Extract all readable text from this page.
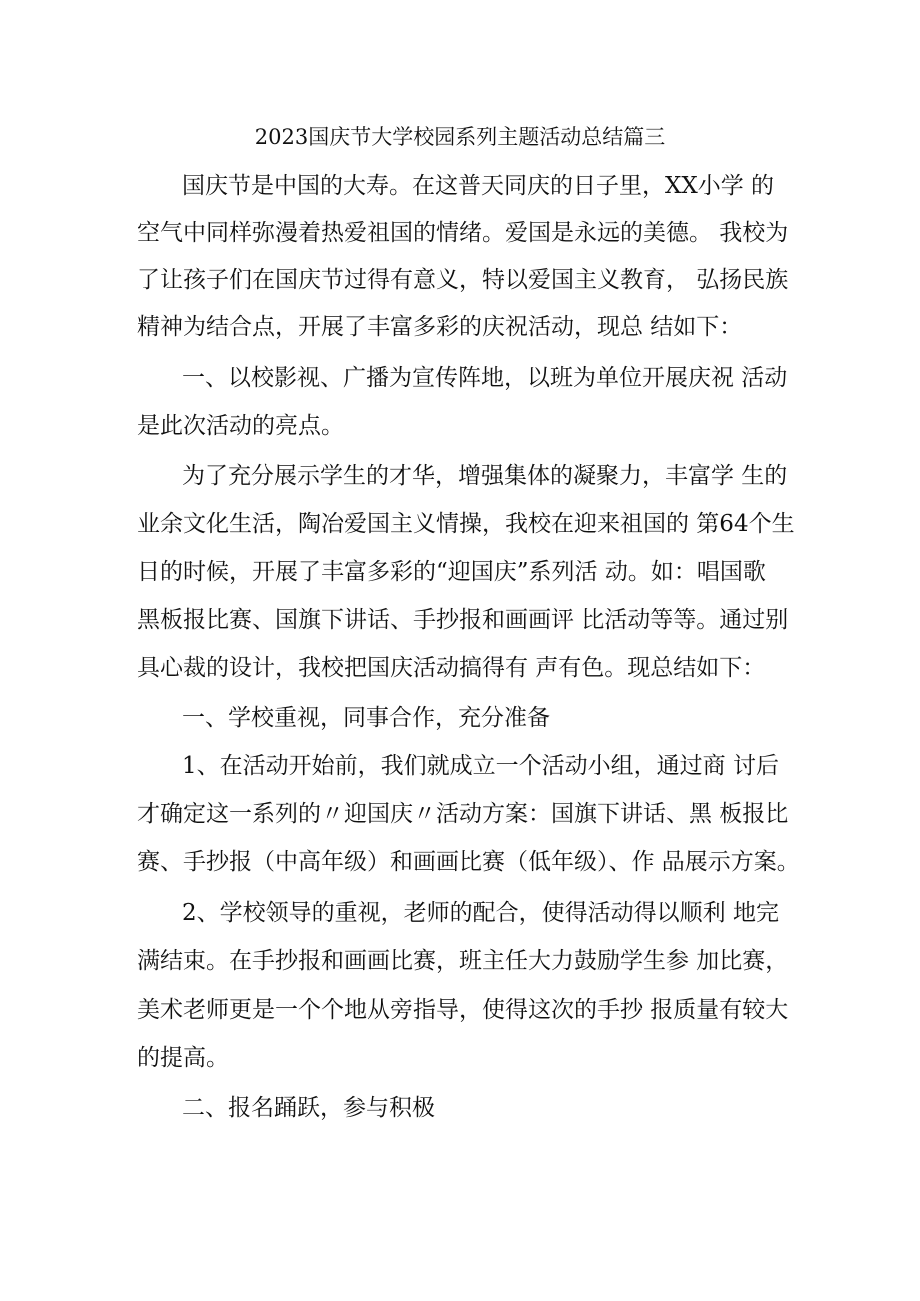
2023国庆节大学校园系列主题活动总结篇三
国庆节是中国的大寿。在这普天同庆的日子里，XX小学 的
空气中同样弥漫着热爱祖国的情绪。爱国是永远的美德。 我校为
了让孩子们在国庆节过得有意义，特以爱国主义教育， 弘扬民族
精神为结合点，开展了丰富多彩的庆祝活动，现总 结如下：
一、以校影视、广播为宣传阵地，以班为单位开展庆祝 活动
是此次活动的亮点。
为了充分展示学生的才华，增强集体的凝聚力，丰富学 生的
业余文化生活，陶冶爱国主义情操，我校在迎来祖国的 第64个生
日的时候，开展了丰富多彩的“迎国庆”系列活 动。如：唱国歌
黑板报比赛、国旗下讲话、手抄报和画画评 比活动等等。通过别
具心裁的设计，我校把国庆活动搞得有 声有色。现总结如下：
一、学校重视，同事合作，充分准备
1、在活动开始前，我们就成立一个活动小组，通过商 讨后
才确定这一系列的〃迎国庆〃活动方案：国旗下讲话、黑 板报比
赛、手抄报（中高年级）和画画比赛（低年级）、作 品展示方案。
2、学校领导的重视，老师的配合，使得活动得以顺利 地完
满结束。在手抄报和画画比赛，班主任大力鼓励学生参 加比赛，
美术老师更是一个个地从旁指导，使得这次的手抄 报质量有较大
的提高。
二、报名踊跃，参与积极
